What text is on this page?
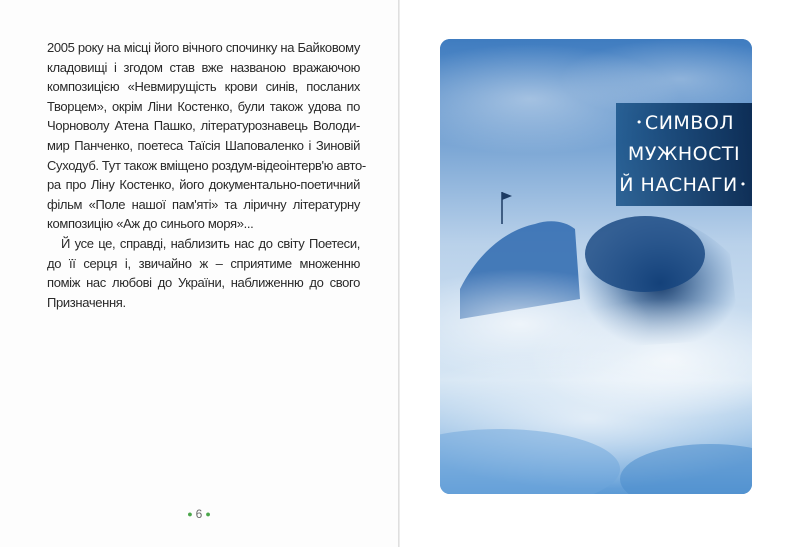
2005 року на місці його вічного спочинку на Байковому
кладовищі і згодом став вже названою вражаючою
композицією «Невмирущість крови синів, посланих
Творцем», окрім Ліни Костенко, були також удова по
Чорноволу Атена Пашко, літературознавець Володи-
мир Панченко, поетеса Таїсія Шаповаленко і Зиновій
Суходуб. Тут також вміщено роздум-відеоінтерв'ю авто-
ра про Ліну Костенко, його документально-поетичний
фільм «Поле нашої пам'яті» та ліричну літературну
композицію «Аж до синього моря»...
Й усе це, справді, наблизить нас до світу Поетеси,
до її серця і, звичайно ж – сприятиме множенню
поміж нас любові до України, наближенню до свого
Призначення.
● 6 ●
• СИМВОЛ
МУЖНОСТІ
Й НАСНАГИ •
